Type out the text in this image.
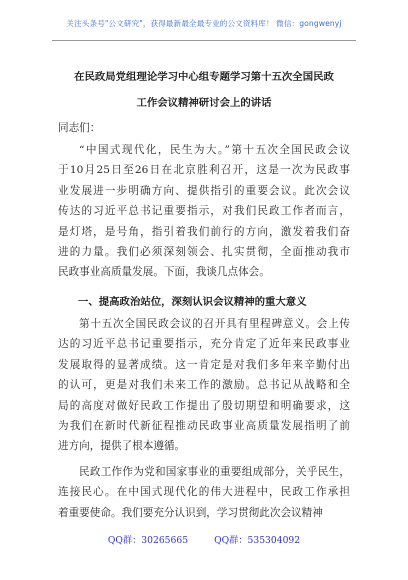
关注头条号"公文研究"，获得最新最全最专业的公文资料库！ 微信：gongwenyj
在民政局党组理论学习中心组专题学习第十五次全国民政
工作会议精神研讨会上的讲话
同志们：
“中国式现代化，民生为大。”第十五次全国民政会议
于10月25日至26日在北京胜利召开，这是一次为民政事
业发展进一步明确方向、提供指引的重要会议。此次会议
传达的习近平总书记重要指示，对我们民政工作者而言，
是灯塔，是号角，指引着我们前行的方向，激发着我们奋
进的力量。我们必须深刻领会、扎实贯彻，全面推动我市
民政事业高质量发展。下面，我谈几点体会。
一、提高政治站位，深刻认识会议精神的重大意义
第十五次全国民政会议的召开具有里程碑意义。会上传
达的习近平总书记重要指示，充分肯定了近年来民政事业
发展取得的显著成绩。这一肯定是对我们多年来辛勤付出
的认可，更是对我们未来工作的激励。总书记从战略和全
局的高度对做好民政工作提出了殷切期望和明确要求，这
为我们在新时代新征程推动民政事业高质量发展指明了前
进方向，提供了根本遵循。
民政工作作为党和国家事业的重要组成部分，关乎民生，
连接民心。在中国式现代化的伟大进程中，民政工作承担
着重要使命。我们要充分认识到，学习贯彻此次会议精神
QQ群：30265665	QQ群：535304092
